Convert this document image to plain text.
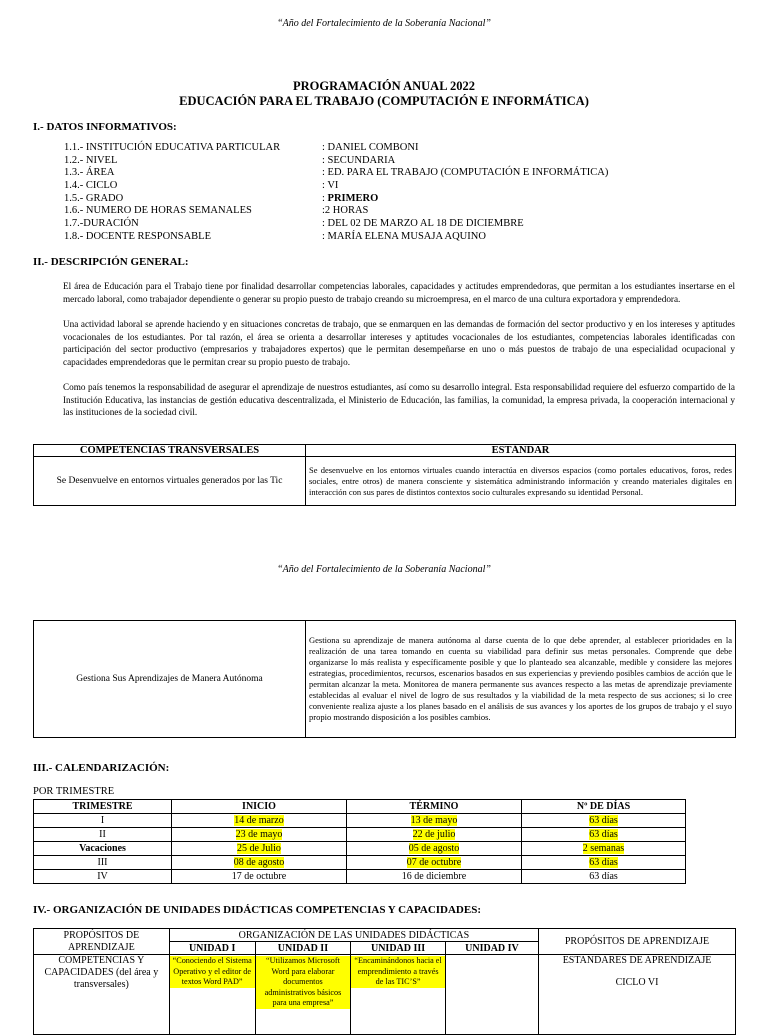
“Año del Fortalecimiento de la Soberanía Nacional”
PROGRAMACIÓN ANUAL 2022
EDUCACIÓN PARA EL TRABAJO (COMPUTACIÓN E INFORMÁTICA)
I.- DATOS INFORMATIVOS:
1.1.- INSTITUCIÓN EDUCATIVA PARTICULAR	: DANIEL COMBONI
1.2.- NIVEL	: SECUNDARIA
1.3.- ÁREA	: ED. PARA EL TRABAJO (COMPUTACIÓN E INFORMÁTICA)
1.4.- CICLO	: VI
1.5.- GRADO	: PRIMERO
1.6.- NUMERO DE HORAS SEMANALES	:2 HORAS
1.7.-DURACIÓN	: DEL 02 DE MARZO AL 18 DE DICIEMBRE
1.8.- DOCENTE RESPONSABLE	: MARÍA ELENA MUSAJA AQUINO
II.- DESCRIPCIÓN GENERAL:
El área de Educación para el Trabajo tiene por finalidad desarrollar competencias laborales, capacidades y actitudes emprendedoras, que permitan a los estudiantes insertarse en el mercado laboral, como trabajador dependiente o generar su propio puesto de trabajo creando su microempresa, en el marco de una cultura exportadora y emprendedora.
Una actividad laboral se aprende haciendo y en situaciones concretas de trabajo, que se enmarquen en las demandas de formación del sector productivo y en los intereses y aptitudes vocacionales de los estudiantes. Por tal razón, el área se orienta a desarrollar intereses y aptitudes vocacionales de los estudiantes, competencias laborales identificadas con participación del sector productivo (empresarios y trabajadores expertos) que le permitan desempeñarse en uno o más puestos de trabajo de una especialidad ocupacional y capacidades emprendedoras que le permitan crear su propio puesto de trabajo.
Como país tenemos la responsabilidad de asegurar el aprendizaje de nuestros estudiantes, así como su desarrollo integral. Esta responsabilidad requiere del esfuerzo compartido de la Institución Educativa, las instancias de gestión educativa descentralizada, el Ministerio de Educación, las familias, la comunidad, la empresa privada, la cooperación internacional y las instituciones de la sociedad civil.
COMPETENCIAS TRANSVERSALES	ESTÁNDAR
Se Desenvuelve en entornos virtuales generados por las Tic	Se desenvuelve en los entornos virtuales cuando interactúa en diversos espacios (como portales educativos, foros, redes sociales, entre otros) de manera consciente y sistemática administrando información y creando materiales digitales en interacción con sus pares de distintos contextos socio culturales expresando su identidad Personal.
“Año del Fortalecimiento de la Soberanía Nacional”
Gestiona Sus Aprendizajes de Manera Autónoma	Gestiona su aprendizaje de manera autónoma al darse cuenta de lo que debe aprender, al establecer prioridades en la realización de una tarea tomando en cuenta su viabilidad para definir sus metas personales. Comprende que debe organizarse lo más realista y específicamente posible y que lo planteado sea alcanzable, medible y considere las mejores estrategias, procedimientos, recursos, escenarios basados en sus experiencias y previendo posibles cambios de acción que le permitan alcanzar la meta. Monitorea de manera permanente sus avances respecto a las metas de aprendizaje previamente establecidas al evaluar el nivel de logro de sus resultados y la viabilidad de la meta respecto de sus acciones; si lo cree conveniente realiza ajuste a los planes basado en el análisis de sus avances y los aportes de los grupos de trabajo y el suyo propio mostrando disposición a los posibles cambios.
III.- CALENDARIZACIÓN:
POR TRIMESTRE
TRIMESTRE	INICIO	TÉRMINO	Nº DE DÍAS
I	14 de marzo	13 de mayo	63 días
II	23 de mayo	22 de julio	63 días
Vacaciones	25 de Julio	05 de agosto	2 semanas
III	08 de agosto	07 de octubre	63 días
IV	17 de octubre	16 de diciembre	63 días
IV.- ORGANIZACIÓN DE UNIDADES DIDÁCTICAS COMPETENCIAS Y CAPACIDADES:
PROPÓSITOS DE APRENDIZAJE	ORGANIZACIÓN DE LAS UNIDADES DIDÁCTICAS				PROPÓSITOS DE APRENDIZAJE
	UNIDAD I	UNIDAD II	UNIDAD III	UNIDAD IV	
COMPETENCIAS Y CAPACIDADES (del área y transversales)	“Conociendo el Sistema Operativo y el editor de textos Word PAD”	“Utilizamos Microsoft Word para elaborar documentos administrativos básicos para una empresa”	“Encaminándonos hacia el emprendimiento a través de las TIC’S”		ESTANDARES DE APRENDIZAJE
CICLO VI
